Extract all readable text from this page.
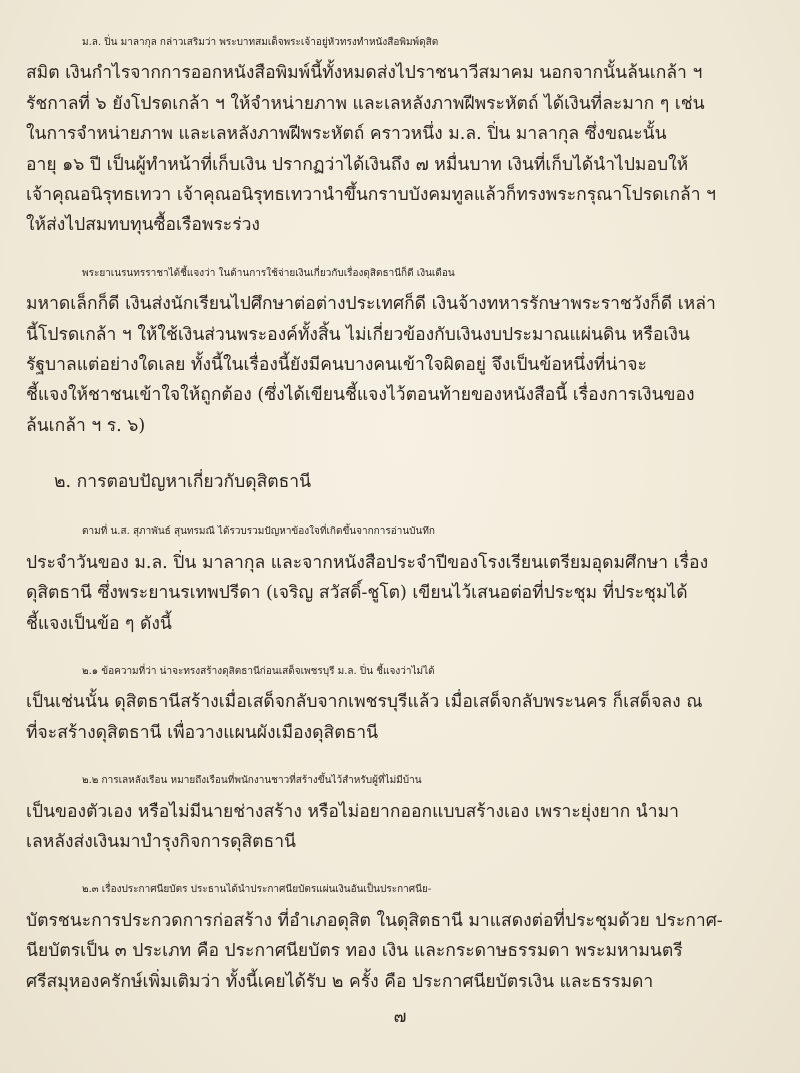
ม.ล. ปิ่น มาลากุล กล่าวเสริมว่า พระบาทสมเด็จพระเจ้าอยู่หัวทรงทำหนังสือพิมพ์ดุสิต
สมิต เงินกำไรจากการออกหนังสือพิมพ์นี้ทั้งหมดส่งไปราชนาวีสมาคม นอกจากนั้นล้นเกล้า ฯ
รัชกาลที่ ๖ ยังโปรดเกล้า ฯ ให้จำหน่ายภาพ และเลหลังภาพฝีพระหัตถ์ ได้เงินที่ละมาก ๆ เช่น
ในการจำหน่ายภาพ และเลหลังภาพฝีพระหัตถ์ คราวหนึ่ง ม.ล. ปิ่น มาลากุล ซึ่งขณะนั้น
อายุ ๑๖ ปี เป็นผู้ทำหน้าที่เก็บเงิน ปรากฏว่าได้เงินถึง ๗ หมื่นบาท เงินที่เก็บได้นำไปมอบให้
เจ้าคุณอนิรุทธเทวา เจ้าคุณอนิรุทธเทวานำขึ้นกราบบังคมทูลแล้วก็ทรงพระกรุณาโปรดเกล้า ฯ
ให้ส่งไปสมทบทุนซื้อเรือพระร่วง
พระยาเนรนทรราชาได้ชี้แจงว่า ในด้านการใช้จ่ายเงินเกี่ยวกับเรื่องดุสิตธานีก็ดี เงินเดือน
มหาดเล็กก็ดี เงินส่งนักเรียนไปศึกษาต่อต่างประเทศก็ดี เงินจ้างทหารรักษาพระราชวังก็ดี เหล่า
นี้โปรดเกล้า ฯ ให้ใช้เงินส่วนพระองค์ทั้งสิ้น ไม่เกี่ยวข้องกับเงินงบประมาณแผ่นดิน หรือเงิน
รัฐบาลแต่อย่างใดเลย ทั้งนี้ในเรื่องนี้ยังมีคนบางคนเข้าใจผิดอยู่ จึงเป็นข้อหนึ่งที่น่าจะ
ชี้แจงให้ชาชนเข้าใจให้ถูกต้อง (ซึ่งได้เขียนชี้แจงไว้ตอนท้ายของหนังสือนี้ เรื่องการเงินของ
ล้นเกล้า ฯ ร. ๖)
๒. การตอบปัญหาเกี่ยวกับดุสิตธานี
ตามที่ น.ส. สุภาพันธ์ สุนทรมณี ได้รวบรวมปัญหาข้องใจที่เกิดขึ้นจากการอ่านบันทึก
ประจำวันของ ม.ล. ปิ่น มาลากุล และจากหนังสือประจำปีของโรงเรียนเตรียมอุดมศึกษา เรื่อง
ดุสิตธานี ซึ่งพระยานรเทพปรีดา (เจริญ สวัสดิ์-ชูโต) เขียนไว้เสนอต่อที่ประชุม ที่ประชุมได้
ชี้แจงเป็นข้อ ๆ ดังนี้
๒.๑ ข้อความที่ว่า น่าจะทรงสร้างดุสิตธานีก่อนเสด็จเพชรบุรี ม.ล. ปิ่น ชี้แจงว่าไม่ได้
เป็นเช่นนั้น ดุสิตธานีสร้างเมื่อเสด็จกลับจากเพชรบุรีแล้ว เมื่อเสด็จกลับพระนคร ก็เสด็จลง ณ
ที่จะสร้างดุสิตธานี เพื่อวางแผนผังเมืองดุสิตธานี
๒.๒ การเลหลังเรือน หมายถึงเรือนที่พนักงานชาวที่สร้างขึ้นไว้สำหรับผู้ที่ไม่มีบ้าน
เป็นของตัวเอง หรือไม่มีนายช่างสร้าง หรือไม่อยากออกแบบสร้างเอง เพราะยุ่งยาก นำมา
เลหลังส่งเงินมาบำรุงกิจการดุสิตธานี
๒.๓ เรื่องประกาศนียบัตร ประธานได้นำประกาศนียบัตรแผ่นเงินอันเป็นประกาศนีย-
บัตรชนะการประกวดการก่อสร้าง ที่อำเภอดุสิต ในดุสิตธานี มาแสดงต่อที่ประชุมด้วย ประกาศ-
นียบัตรเป็น ๓ ประเภท คือ ประกาศนียบัตร ทอง เงิน และกระดาษธรรมดา พระมหามนตรี
ศรีสมุหองครักษ์เพิ่มเติมว่า ทั้งนี้เคยได้รับ ๒ ครั้ง คือ ประกาศนียบัตรเงิน และธรรมดา
๗
